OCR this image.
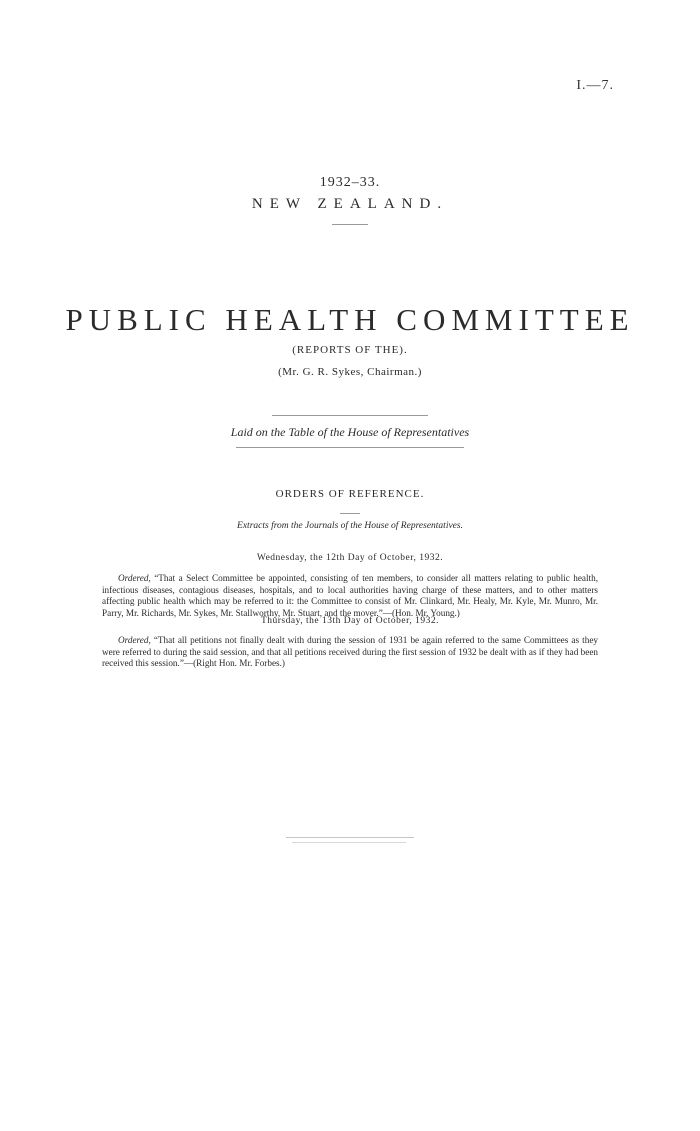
I.—7.
1932–33.
NEW ZEALAND.
PUBLIC HEALTH COMMITTEE
(REPORTS OF THE).
(Mr. G. R. Sykes, Chairman.)
Laid on the Table of the House of Representatives
ORDERS OF REFERENCE.
Extracts from the Journals of the House of Representatives.
Wednesday, the 12th Day of October, 1932.
Ordered, “That a Select Committee be appointed, consisting of ten members, to consider all matters relating to public health, infectious diseases, contagious diseases, hospitals, and to local authorities having charge of these matters, and to other matters affecting public health which may be referred to it: the Committee to consist of Mr. Clinkard, Mr. Healy, Mr. Kyle, Mr. Munro, Mr. Parry, Mr. Richards, Mr. Sykes, Mr. Stallworthy, Mr. Stuart, and the mover.”—(Hon. Mr. Young.)
Thursday, the 13th Day of October, 1932.
Ordered, “That all petitions not finally dealt with during the session of 1931 be again referred to the same Committees as they were referred to during the said session, and that all petitions received during the first session of 1932 be dealt with as if they had been received this session.”—(Right Hon. Mr. Forbes.)
